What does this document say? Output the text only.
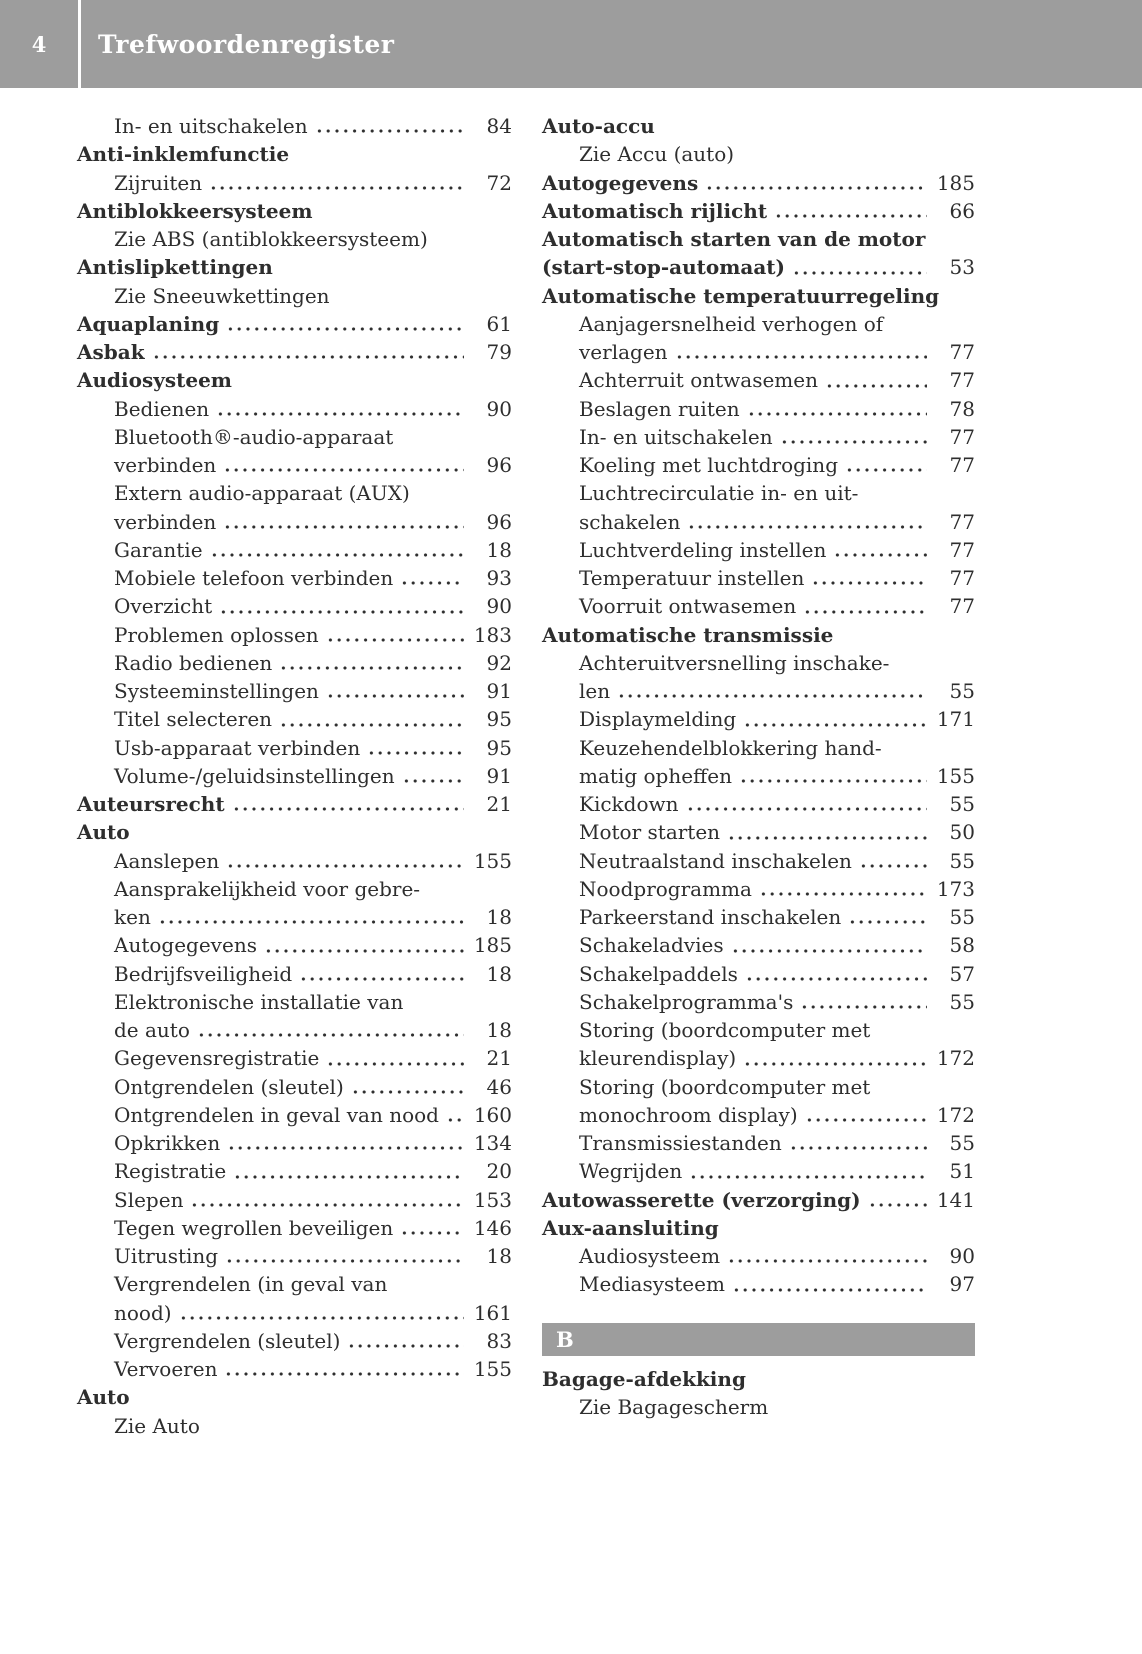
4	Trefwoordenregister
In- en uitschakelen	84
Anti-inklemfunctie
Zijruiten	72
Antiblokkeersysteem
Zie ABS (antiblokkeersysteem)
Antislipkettingen
Zie Sneeuwkettingen
Aquaplaning	61
Asbak	79
Audiosysteem
Bedienen	90
Bluetooth®-audio-apparaat
verbinden	96
Extern audio-apparaat (AUX)
verbinden	96
Garantie	18
Mobiele telefoon verbinden	93
Overzicht	90
Problemen oplossen	183
Radio bedienen	92
Systeeminstellingen	91
Titel selecteren	95
Usb-apparaat verbinden	95
Volume-/geluidsinstellingen	91
Auteursrecht	21
Auto
Aanslepen	155
Aansprakelijkheid voor gebre-
ken	18
Autogegevens	185
Bedrijfsveiligheid	18
Elektronische installatie van
de auto	18
Gegevensregistratie	21
Ontgrendelen (sleutel)	46
Ontgrendelen in geval van nood 160
Opkrikken	134
Registratie	20
Slepen	153
Tegen wegrollen beveiligen	146
Uitrusting	18
Vergrendelen (in geval van
nood)	161
Vergrendelen (sleutel)	83
Vervoeren	155
Auto
Zie Auto
Auto-accu
Zie Accu (auto)
Autogegevens	185
Automatisch rijlicht	66
Automatisch starten van de motor
(start-stop-automaat)	53
Automatische temperatuurregeling
Aanjagersnelheid verhogen of
verlagen	77
Achterruit ontwasemen	77
Beslagen ruiten	78
In- en uitschakelen	77
Koeling met luchtdroging	77
Luchtrecirculatie in- en uit-
schakelen	77
Luchtverdeling instellen	77
Temperatuur instellen	77
Voorruit ontwasemen	77
Automatische transmissie
Achteruitversnelling inschake-
len	55
Displaymelding	171
Keuzehendelblokkering hand-
matig opheffen	155
Kickdown	55
Motor starten	50
Neutraalstand inschakelen	55
Noodprogramma	173
Parkeerstand inschakelen	55
Schakeladvies	58
Schakelpaddels	57
Schakelprogramma's	55
Storing (boordcomputer met
kleurendisplay)	172
Storing (boordcomputer met
monochroom display)	172
Transmissiestanden	55
Wegrijden	51
Autowasserette (verzorging)	141
Aux-aansluiting
Audiosysteem	90
Mediasysteem	97
B
Bagage-afdekking
Zie Bagagescherm
